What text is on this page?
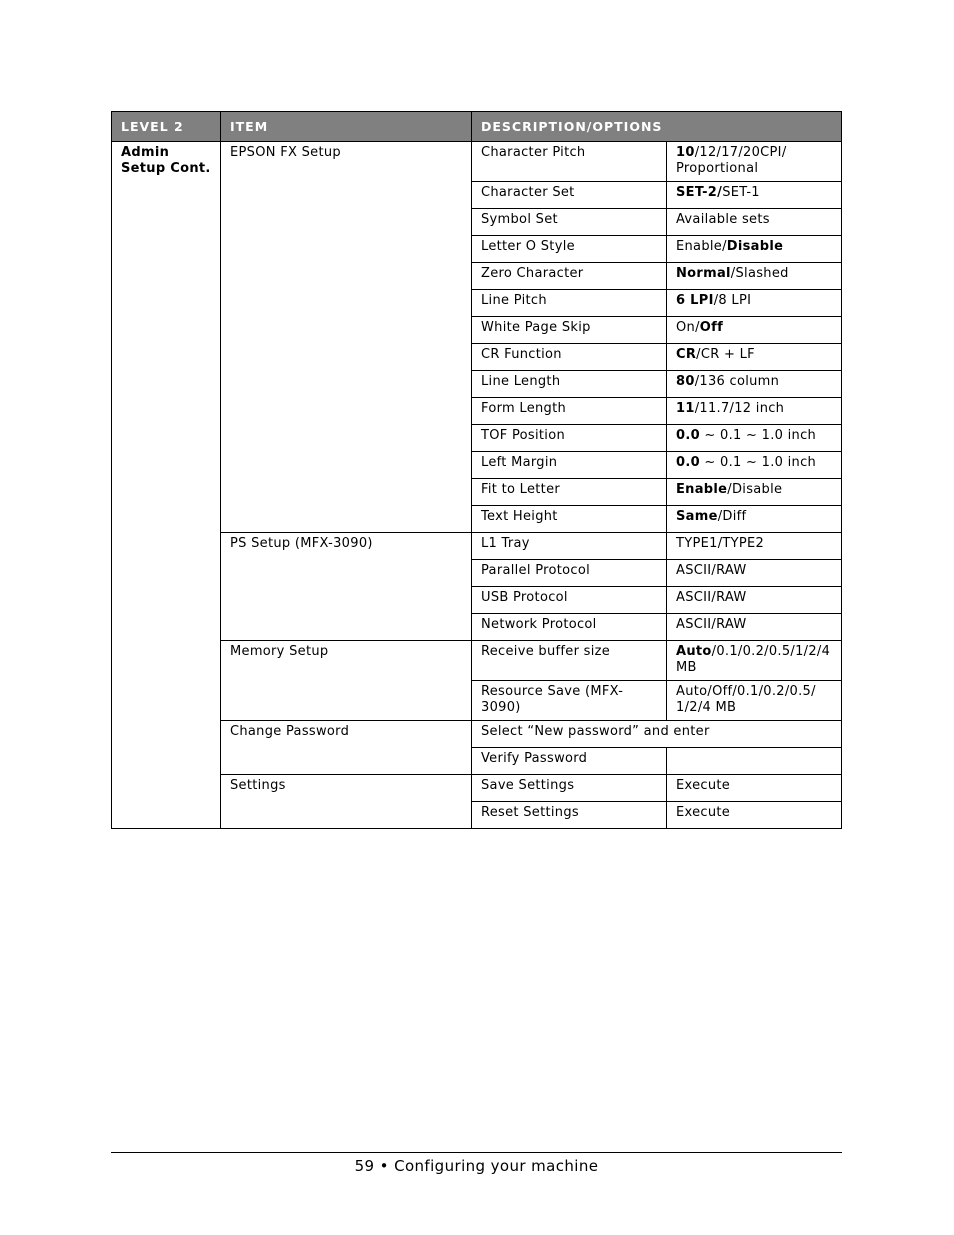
LEVEL 2	ITEM	DESCRIPTION/OPTIONS	
Admin Setup Cont.	EPSON FX Setup	Character Pitch	10/12/17/20CPI/ Proportional
		Character Set	SET-2/SET-1
		Symbol Set	Available sets
		Letter O Style	Enable/Disable
		Zero Character	Normal/Slashed
		Line Pitch	6 LPI/8 LPI
		White Page Skip	On/Off
		CR Function	CR/CR + LF
		Line Length	80/136 column
		Form Length	11/11.7/12 inch
		TOF Position	0.0 ~ 0.1 ~ 1.0 inch
		Left Margin	0.0 ~ 0.1 ~ 1.0 inch
		Fit to Letter	Enable/Disable
		Text Height	Same/Diff
	PS Setup (MFX-3090)	L1 Tray	TYPE1/TYPE2
		Parallel Protocol	ASCII/RAW
		USB Protocol	ASCII/RAW
		Network Protocol	ASCII/RAW
	Memory Setup	Receive buffer size	Auto/0.1/0.2/0.5/1/2/4 MB
		Resource Save (MFX-3090)	Auto/Off/0.1/0.2/0.5/ 1/2/4 MB
	Change Password	Select “New password” and enter	
		Verify Password	
	Settings	Save Settings	Execute
		Reset Settings	Execute
59 • Configuring your machine
